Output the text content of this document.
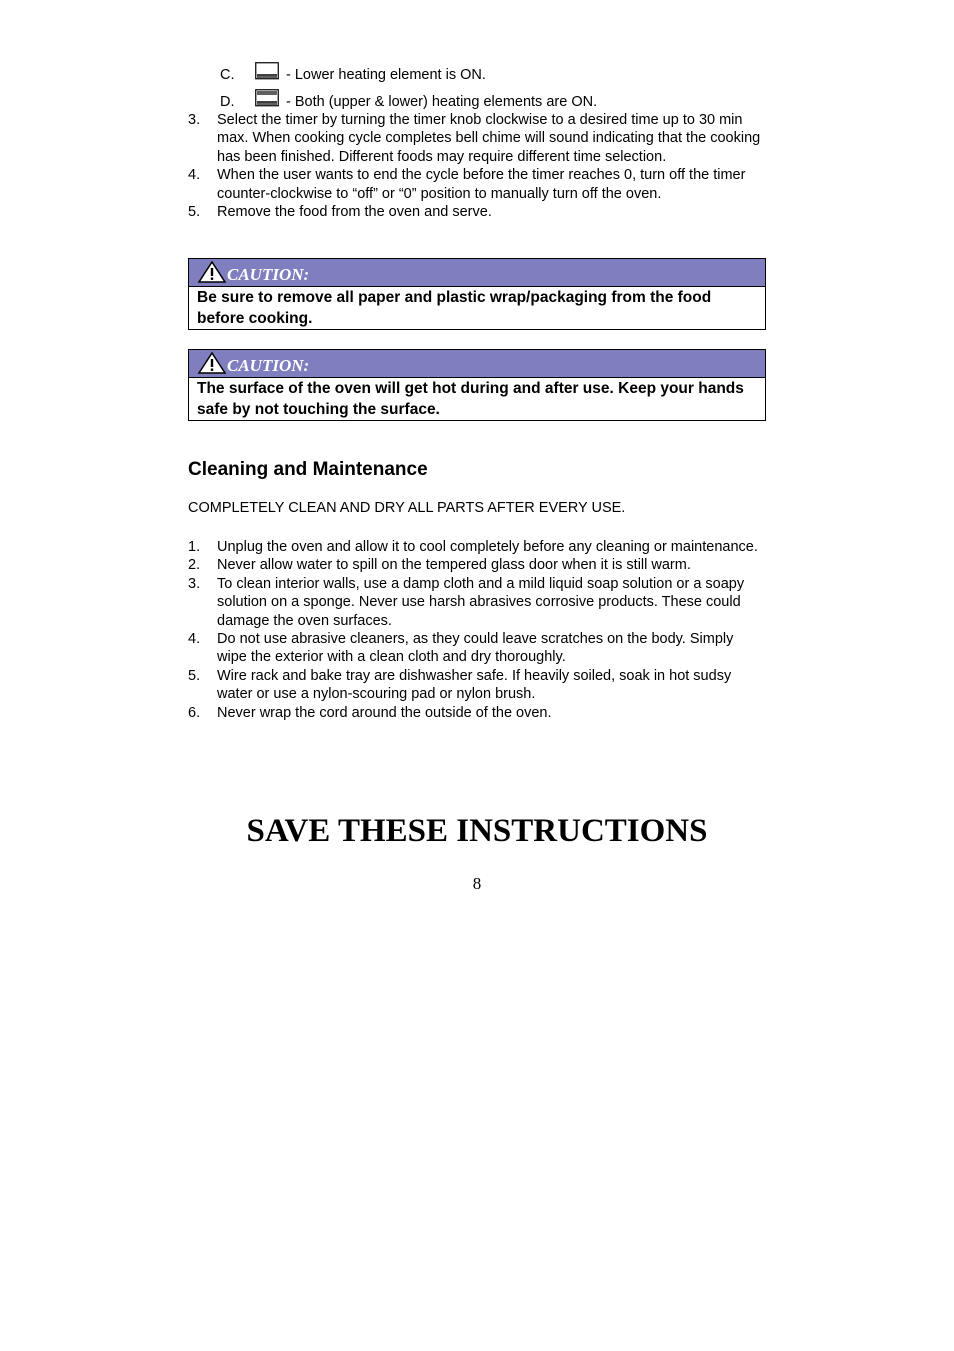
C.	- Lower heating element is ON.
D.	- Both (upper & lower) heating elements are ON.
3. Select the timer by turning the timer knob clockwise to a desired time up to 30 min max. When cooking cycle completes bell chime will sound indicating that the cooking has been finished. Different foods may require different time selection.
4. When the user wants to end the cycle before the timer reaches 0, turn off the timer counter-clockwise to “off” or “0” position to manually turn off the oven.
5. Remove the food from the oven and serve.
CAUTION:
Be sure to remove all paper and plastic wrap/packaging from the food before cooking.
CAUTION:
The surface of the oven will get hot during and after use. Keep your hands safe by not touching the surface.
Cleaning and Maintenance
COMPLETELY CLEAN AND DRY ALL PARTS AFTER EVERY USE.
1. Unplug the oven and allow it to cool completely before any cleaning or maintenance.
2. Never allow water to spill on the tempered glass door when it is still warm.
3. To clean interior walls, use a damp cloth and a mild liquid soap solution or a soapy solution on a sponge. Never use harsh abrasives corrosive products. These could damage the oven surfaces.
4. Do not use abrasive cleaners, as they could leave scratches on the body. Simply wipe the exterior with a clean cloth and dry thoroughly.
5. Wire rack and bake tray are dishwasher safe. If heavily soiled, soak in hot sudsy water or use a nylon-scouring pad or nylon brush.
6. Never wrap the cord around the outside of the oven.
SAVE THESE INSTRUCTIONS
8
